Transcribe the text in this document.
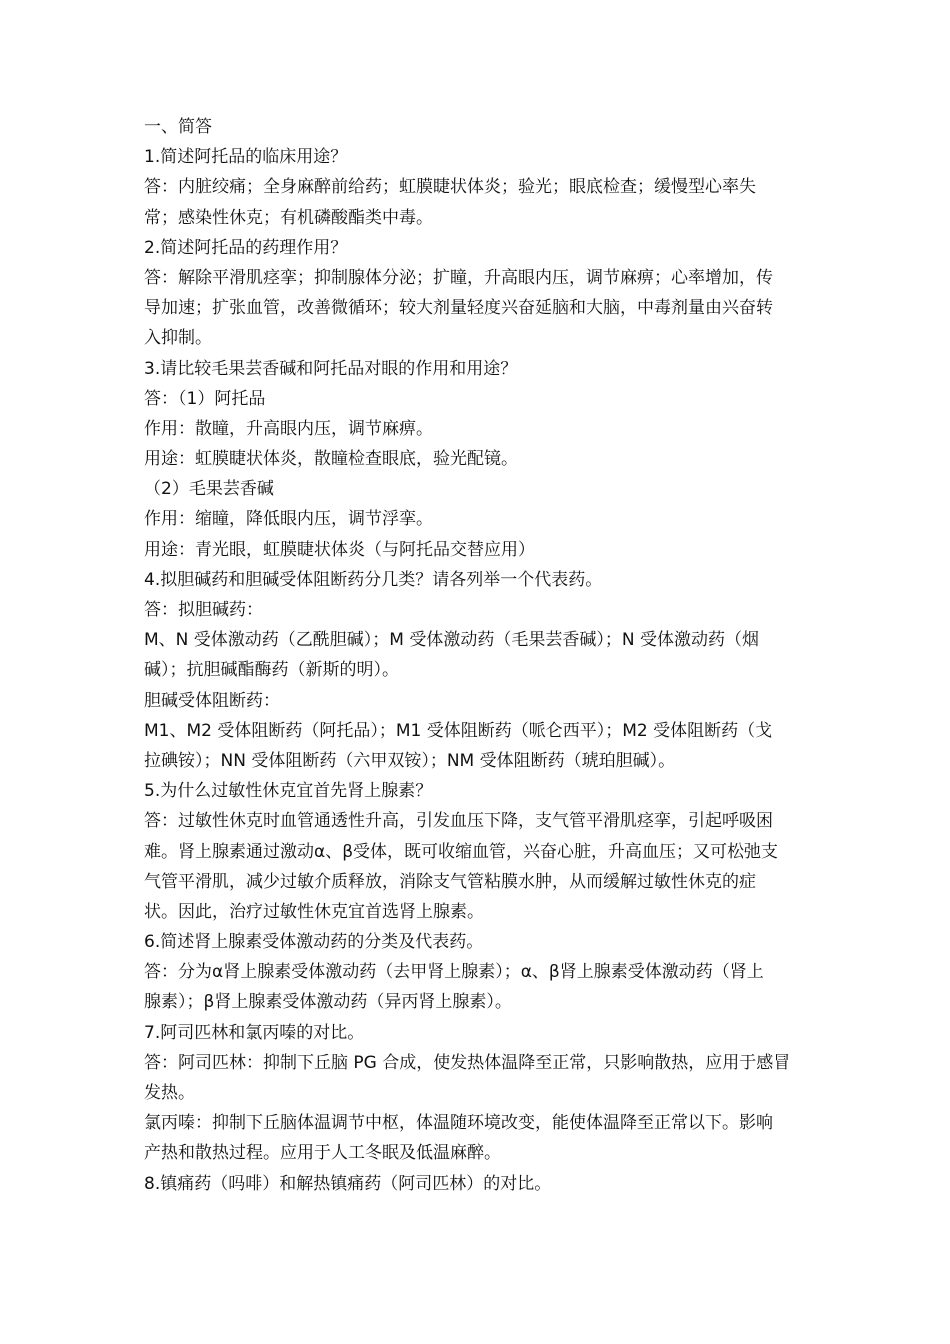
一、简答
1.简述阿托品的临床用途？
答：内脏绞痛；全身麻醉前给药；虹膜睫状体炎；验光；眼底检查；缓慢型心率失
常；感染性休克；有机磷酸酯类中毒。
2.简述阿托品的药理作用？
答：解除平滑肌痉挛；抑制腺体分泌；扩瞳，升高眼内压，调节麻痹；心率增加，传
导加速；扩张血管，改善微循环；较大剂量轻度兴奋延脑和大脑，中毒剂量由兴奋转
入抑制。
3.请比较毛果芸香碱和阿托品对眼的作用和用途？
答：（1）阿托品
作用：散瞳，升高眼内压，调节麻痹。
用途：虹膜睫状体炎，散瞳检查眼底，验光配镜。
（2）毛果芸香碱
作用：缩瞳，降低眼内压，调节浮挛。
用途：青光眼，虹膜睫状体炎（与阿托品交替应用）
4.拟胆碱药和胆碱受体阻断药分几类？请各列举一个代表药。
答：拟胆碱药：
M、N 受体激动药（乙酰胆碱）；M 受体激动药（毛果芸香碱）；N 受体激动药（烟
碱）；抗胆碱酯酶药（新斯的明）。
胆碱受体阻断药：
M1、M2 受体阻断药（阿托品）；M1 受体阻断药（哌仑西平）；M2 受体阻断药（戈
拉碘铵）；NN 受体阻断药（六甲双铵）；NM 受体阻断药（琥珀胆碱）。
5.为什么过敏性休克宜首先肾上腺素？
答：过敏性休克时血管通透性升高，引发血压下降，支气管平滑肌痉挛，引起呼吸困
难。肾上腺素通过激动α、β受体，既可收缩血管，兴奋心脏，升高血压；又可松弛支
气管平滑肌，减少过敏介质释放，消除支气管粘膜水肿，从而缓解过敏性休克的症
状。因此，治疗过敏性休克宜首选肾上腺素。
6.简述肾上腺素受体激动药的分类及代表药。
答：分为α肾上腺素受体激动药（去甲肾上腺素）；α、β肾上腺素受体激动药（肾上
腺素）；β肾上腺素受体激动药（异丙肾上腺素）。
7.阿司匹林和氯丙嗪的对比。
答：阿司匹林：抑制下丘脑 PG 合成，使发热体温降至正常，只影响散热，应用于感冒
发热。
氯丙嗪：抑制下丘脑体温调节中枢，体温随环境改变，能使体温降至正常以下。影响
产热和散热过程。应用于人工冬眠及低温麻醉。
8.镇痛药（吗啡）和解热镇痛药（阿司匹林）的对比。
